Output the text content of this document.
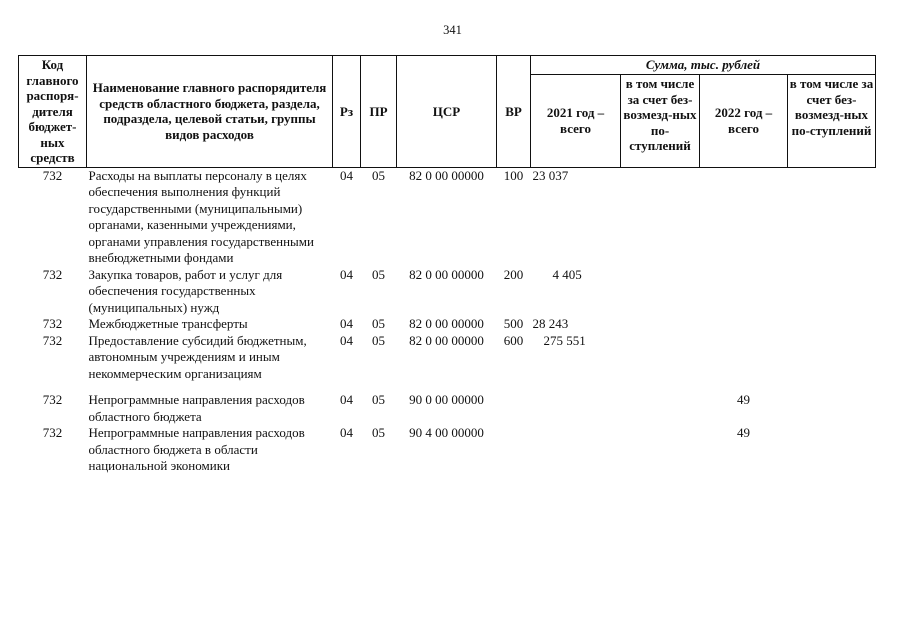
341
Код главного распоря-дителя бюджет-ных средств	Наименование главного распорядителя средств областного бюджета, раздела, подраздела, целевой статьи, группы видов расходов	Рз	ПР	ЦСР	ВР	Сумма, тыс. рублей			
						2021 год – всего	в том числе за счет без-возмезд-ных по-ступлений	2022 год – всего	в том числе за счет без-возмезд-ных по-ступлений
732	Расходы на выплаты персоналу в целях обеспечения выполнения функций государственными (муниципальными) органами, казенными учреждениями, органами управления государственными внебюджетными фондами	04	05	82 0 00 00000	100	23 037			
732	Закупка товаров, работ и услуг для обеспечения государственных (муниципальных) нужд	04	05	82 0 00 00000	200	4 405			
732	Межбюджетные трансферты	04	05	82 0 00 00000	500	28 243			
732	Предоставление субсидий бюджетным, автономным учреждениям и иным некоммерческим организациям	04	05	82 0 00 00000	600	275 551			
732	Непрограммные направления расходов областного бюджета	04	05	90 0 00 00000				49	
732	Непрограммные направления расходов областного бюджета в области национальной экономики	04	05	90 4 00 00000				49	
